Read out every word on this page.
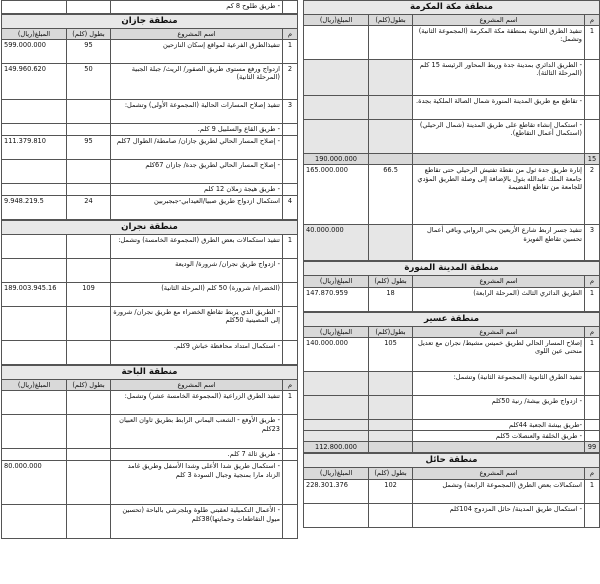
	- طريق طلوح 8 كم		
منطقة جازان			
م	اسم المشروع	بطول (كلم)	المبلغ(ريال)
1	تنفيذالطرق الفرعية لمواقع إسكان النازحين	95	599.000.000
2	ازدواج ورفع مستوى طريق الصقور/ الريث/ جبلة الجبية (المرحلة الثانية)	50	149.960.620
3	تنفيذ إصلاح المسارات الحالية (المجموعة الأولى) وتشمل:		
	- طريق القاع والسلبيل 9 كلم.		
	- إصلاح المسار الحالي لطريق جازان/ صامطة/ الطوال 7كلم	95	111.379.810
	- إصلاح المسار الحالي لطريق جدة/ جازان 67كلم		
	- طريق هيجة زملان 12 كلم		
4	استكمال ازدواج طريق صبيا/العيدابي-جبجبربين	24	9.948.219.5
منطقة نجران			
1	تنفيذ استكمالات بعض الطرق (المجموعة الخامسة) وتشمل:		
	- ازدواج طريق نجران/ شرورة/ الوديعة		
	(الخضراء/ شرورة) 50 كلم (المرحلة الثانية)	109	189.003.945.16
	- الطريق الذي يربط تقاطع الخضراء مع طريق نجران/ شرورة إلى المصينية 50كلم		
	- استكمال امتداد محافظة خباش 9كلم.		
منطقة الباحة			
م	اسم المشروع	بطول (كلم)	المبلغ(ريال)
1	تنفيذ الطرق الزراعية (المجموعة الخامسة عشر) وتشمل:		
	- طريق الأوفع - الشعب اليماني الرابط بطريق ثاوان العبيان 23كلم		
	- طريق ثالة 7 كلم.		
	- استكمال طريق شدا الأعلى وشدا الأسفل وطريق غامد الزناد مارا بمنجية وجبال السودة 3 كلم		80.000.000
	- الأعمال التكميلية لعقبتي طلوة وبلجرشي بالباحة (تحسين ميول التقاطعات وحمايتها)38كلم		
منطقة مكة المكرمة			
م	اسم المشروع	بطول(كلم)	المبلغ(ريال)
1	تنفيذ الطرق الثانوية بمنطقة مكة المكرمة (المجموعة الثانية) وتشمل:		
	- الطريق الدائري بمدينة جدة وربط المحاور الرئيسة 15 كلم (المرحلة الثالثة).		
	- تقاطع مع طريق المدينة المنورة شمال الصالة الملكية بجدة.		
	- استكمال إنشاء تقاطع على طريق المدينة (شمال الرحيلي) (استكمال أعمال التقاطع).		
15			190.000.000
2	إنارة طريق جدة ثول من نقطة تفتيش الرحيلي حتى تقاطع جامعة الملك عبدالله بثول بالإضافة إلى وصلة الطريق المؤدي للجامعة من تقاطع القضيمة	66.5	165.000.000
3	تنفيذ جسر اربط شارع الأربعين بحي الروابي وباقي أعمال تحسين تقاطع الفويزة		40.000.000
منطقة المدينة المنورة			
م	اسم المشروع	بطول (كلم)	المبلغ(ريال)
1	الطريق الدائري الثالث (المرحلة الرابعة)	18	147.870.959
منطقة عسير			
م	اسم المشروع	بطول(كلم)	المبلغ(ريال)
1	إصلاح المسار الحالي لطريق خميس مشيط/ نجران مع تعديل منحنى عين اللوى	105	140.000.000
	تنفيذ الطرق الثانوية (المجموعة الثانية) وتشمل:		
	- ازدواج طريق بيشة/ رنية 50كلم		
	-طريق بيشة الجعبة 44كلم		
	- طريق الخلفة والعنصلات 5كلم		
99			112.800.000
منطقة حائل			
م	اسم المشروع	بطول (كلم)	المبلغ(ريال)
1	استكمالات بعض الطرق (المجموعة الرابعة) وتشمل	102	228.301.376
	- استكمال طريق المدينة/ حائل المزدوج 104كلم		
